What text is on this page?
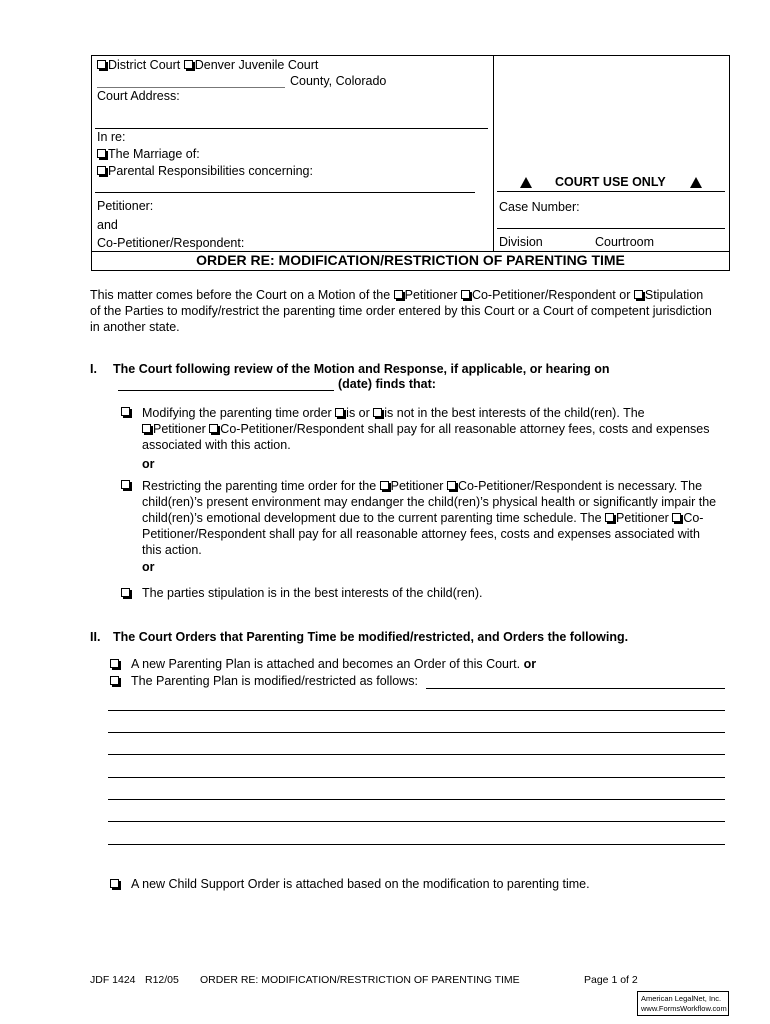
District Court Denver Juvenile Court
County, Colorado
Court Address:
In re:
The Marriage of:
Parental Responsibilities concerning:
Petitioner:
and
Co-Petitioner/Respondent:
COURT USE ONLY
Case Number:
Division	Courtroom
ORDER RE: MODIFICATION/RESTRICTION OF PARENTING TIME
This matter comes before the Court on a Motion of the Petitioner Co-Petitioner/Respondent or Stipulation
of the Parties to modify/restrict the parenting time order entered by this Court or a Court of competent jurisdiction
in another state.
I. The Court following review of the Motion and Response, if applicable, or hearing on
(date) finds that:
Modifying the parenting time order is or is not in the best interests of the child(ren). The
Petitioner Co-Petitioner/Respondent shall pay for all reasonable attorney fees, costs and expenses
associated with this action.
or
Restricting the parenting time order for the Petitioner Co-Petitioner/Respondent is necessary. The
child(ren)’s present environment may endanger the child(ren)’s physical health or significantly impair the
child(ren)’s emotional development due to the current parenting time schedule. The Petitioner Co-
Petitioner/Respondent shall pay for all reasonable attorney fees, costs and expenses associated with
this action.
or
The parties stipulation is in the best interests of the child(ren).
II. The Court Orders that Parenting Time be modified/restricted, and Orders the following.
A new Parenting Plan is attached and becomes an Order of this Court. or
The Parenting Plan is modified/restricted as follows:
A new Child Support Order is attached based on the modification to parenting time.
JDF 1424 R12/05 ORDER RE: MODIFICATION/RESTRICTION OF PARENTING TIME	Page 1 of 2
American LegalNet, Inc.
www.FormsWorkflow.com
